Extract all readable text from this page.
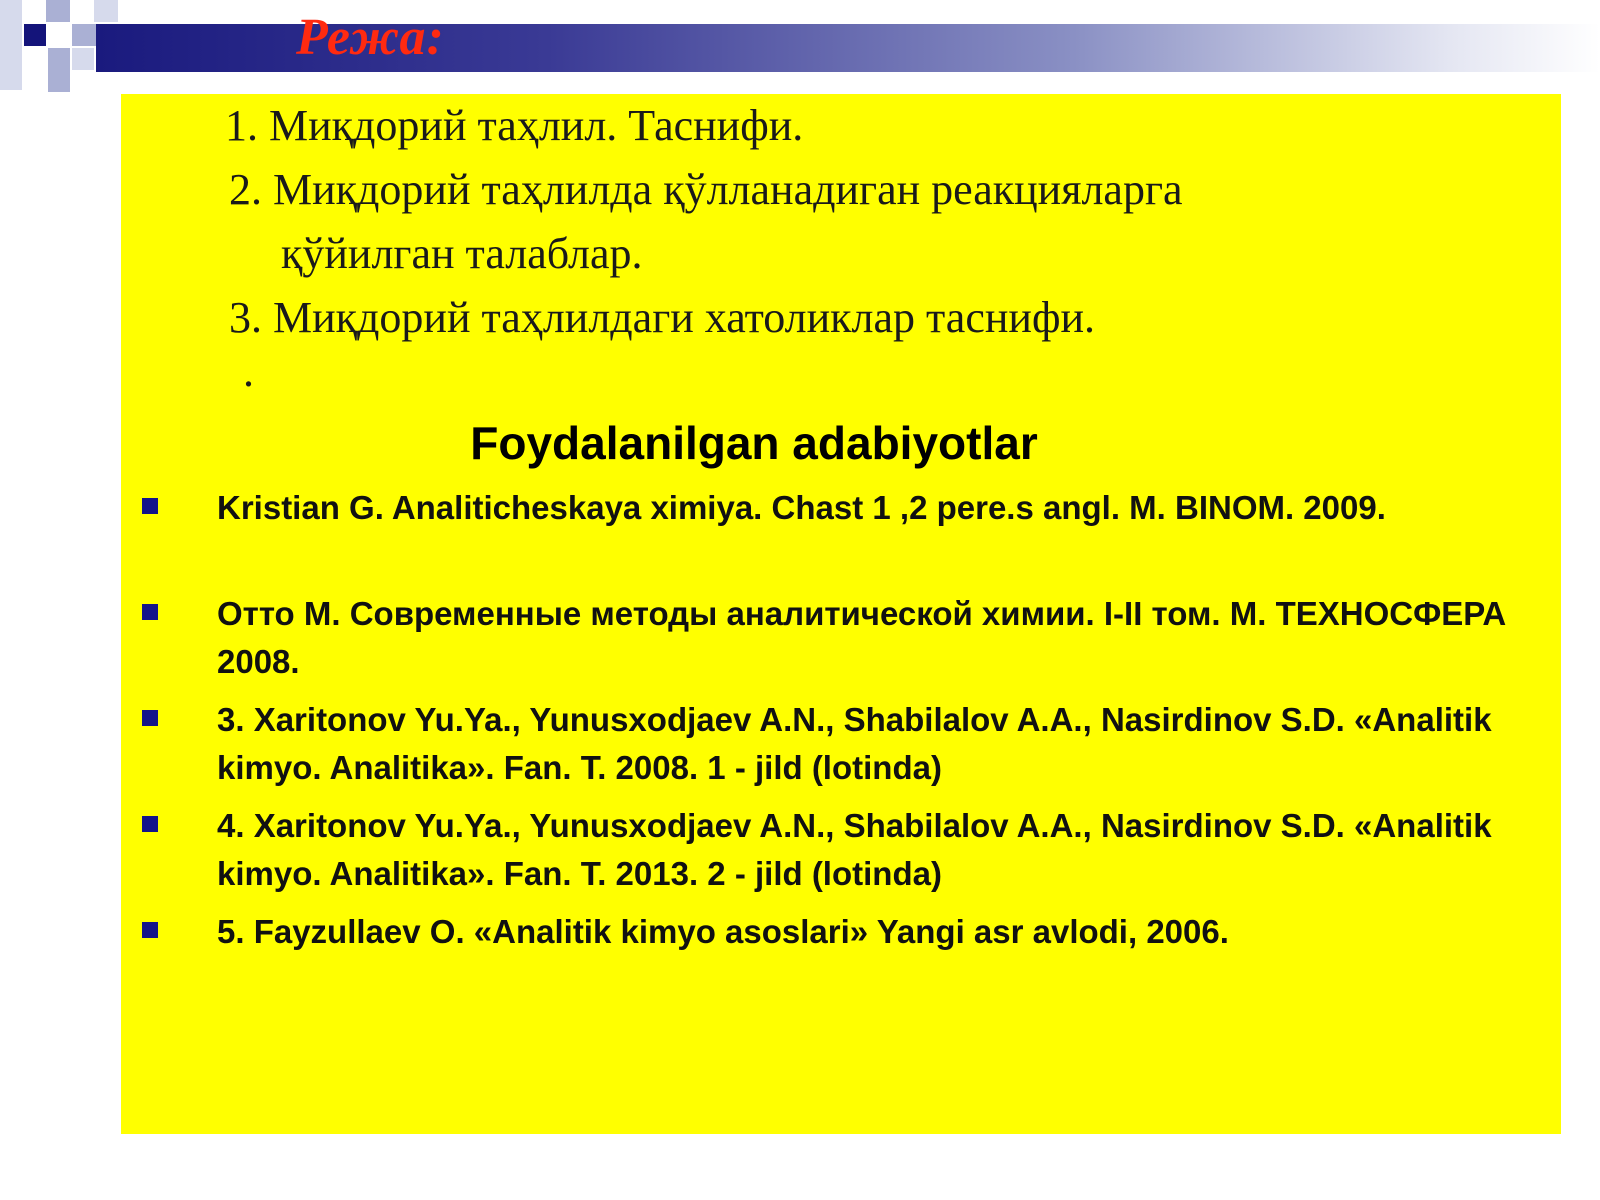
Режа:
1. Миқдорий таҳлил. Таснифи.
2. Миқдорий таҳлилда қўлланадиган реакцияларга
қўйилган талаблар.
3. Миқдорий таҳлилдаги хатоликлар таснифи.
.
Foydalanilgan adabiyotlar
Kristian G. Analiticheskaya ximiya. Chast 1 ,2 pere.s angl. M. BINOM. 2009.
Отто М. Современные методы аналитической химии. I-II том. М. ТЕХНОСФЕРА 2008.
3. Xaritonov Yu.Ya., Yunusxodjaev A.N., Shabilalov A.A., Nasirdinov S.D. «Analitik kimyo. Analitika». Fan. T. 2008. 1 - jild (lotinda)
4. Xaritonov Yu.Ya., Yunusxodjaev A.N., Shabilalov A.A., Nasirdinov S.D. «Analitik kimyo. Analitika». Fan. T. 2013. 2 - jild (lotinda)
5. Fayzullaev O. «Analitik kimyo asoslari» Yangi asr avlodi, 2006.
